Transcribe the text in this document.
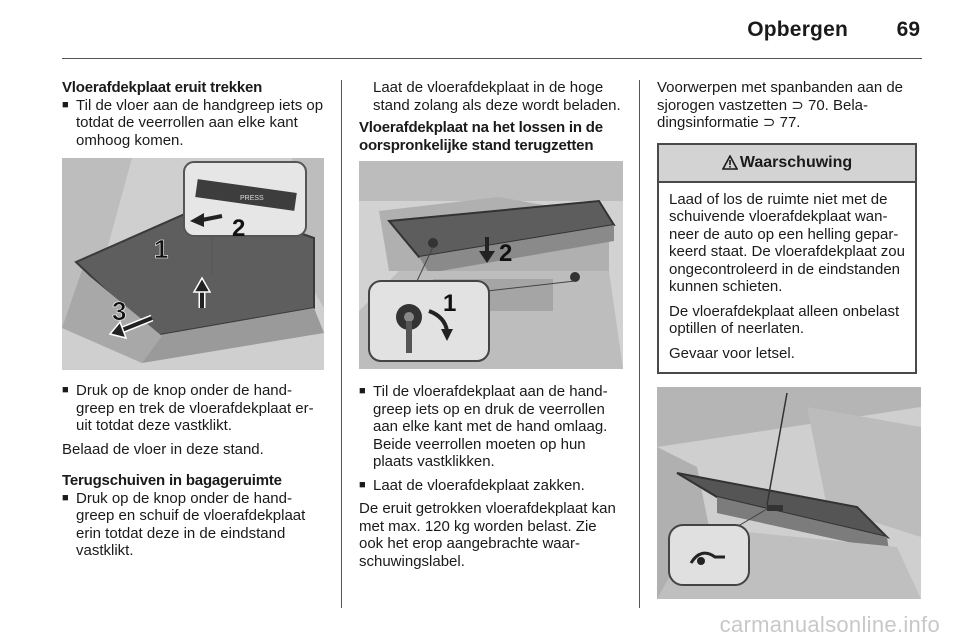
Opbergen	69

Vloerafdekplaat eruit trekken

■ Til de vloer aan de handgreep iets op totdat de veerrollen aan elke kant omhoog komen.

PRESS
1
2
3

■ Druk op de knop onder de handgreep en trek de vloerafdekplaat eruit totdat deze vastklikt.

Belaad de vloer in deze stand.

Terugschuiven in bagageruimte

■ Druk op de knop onder de handgreep en schuif de vloerafdekplaat erin totdat deze in de eindstand vastklikt.

Laat de vloerafdekplaat in de hoge stand zolang als deze wordt beladen.

Vloerafdekplaat na het lossen in de oorspronkelijke stand terugzetten

2
1

■ Til de vloerafdekplaat aan de handgreep iets op en druk de veerrollen aan elke kant met de hand omlaag. Beide veerrollen moeten op hun plaats vastklikken.

■ Laat de vloerafdekplaat zakken.

De eruit getrokken vloerafdekplaat kan met max. 120 kg worden belast. Zie ook het erop aangebrachte waarschuwingslabel.

Voorwerpen met spanbanden aan de sjorogen vastzetten ⊃ 70. Beladingsinformatie ⊃ 77.

Waarschuwing

Laad of los de ruimte niet met de schuivende vloerafdekplaat wanneer de auto op een helling geparkeerd staat. De vloerafdekplaat zou ongecontroleerd in de eindstanden kunnen schieten.

De vloerafdekplaat alleen onbelast optillen of neerlaten.

Gevaar voor letsel.

carmanualsonline.info
